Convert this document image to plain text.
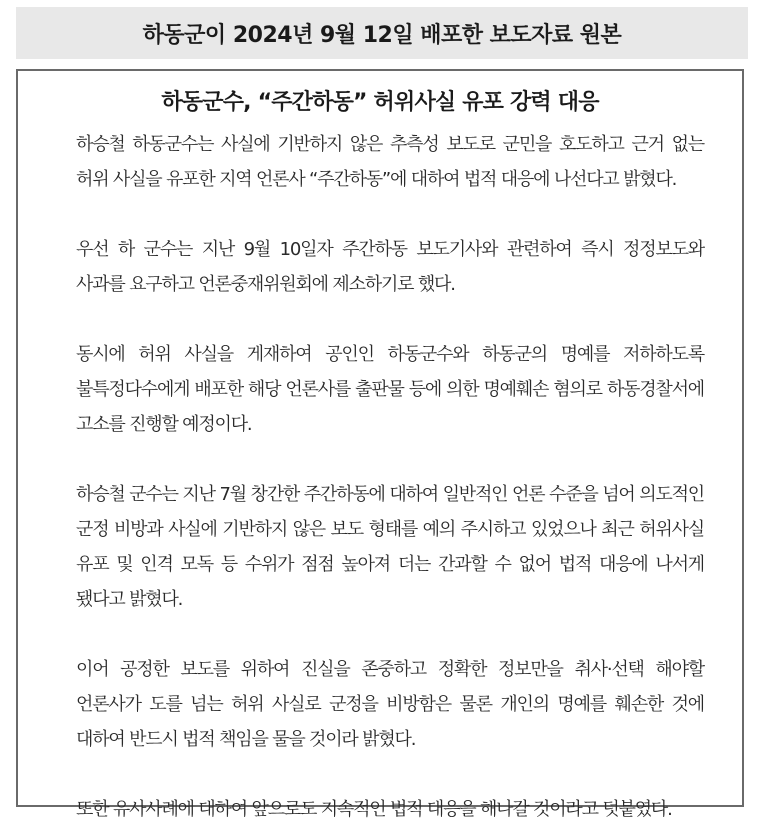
하동군이 2024년 9월 12일 배포한 보도자료 원본
하동군수, “주간하동” 허위사실 유포 강력 대응

하승철 하동군수는 사실에 기반하지 않은 추측성 보도로 군민을 호도하고 근거 없는 허위 사실을 유포한 지역 언론사 “주간하동”에 대하여 법적 대응에 나선다고 밝혔다.

우선 하 군수는 지난 9월 10일자 주간하동 보도기사와 관련하여 즉시 정정보도와 사과를 요구하고 언론중재위원회에 제소하기로 했다.

동시에 허위 사실을 게재하여 공인인 하동군수와 하동군의 명예를 저하하도록 불특정다수에게 배포한 해당 언론사를 출판물 등에 의한 명예훼손 혐의로 하동경찰서에 고소를 진행할 예정이다.

하승철 군수는 지난 7월 창간한 주간하동에 대하여 일반적인 언론 수준을 넘어 의도적인 군정 비방과 사실에 기반하지 않은 보도 형태를 예의 주시하고 있었으나 최근 허위사실 유포 및 인격 모독 등 수위가 점점 높아져 더는 간과할 수 없어 법적 대응에 나서게 됐다고 밝혔다.

이어 공정한 보도를 위하여 진실을 존중하고 정확한 정보만을 취사·선택 해야할 언론사가 도를 넘는 허위 사실로 군정을 비방함은 물론 개인의 명예를 훼손한 것에 대하여 반드시 법적 책임을 물을 것이라 밝혔다.

또한 유사사례에 대하여 앞으로도 지속적인 법적 대응을 해나갈 것이라고 덧붙였다.
